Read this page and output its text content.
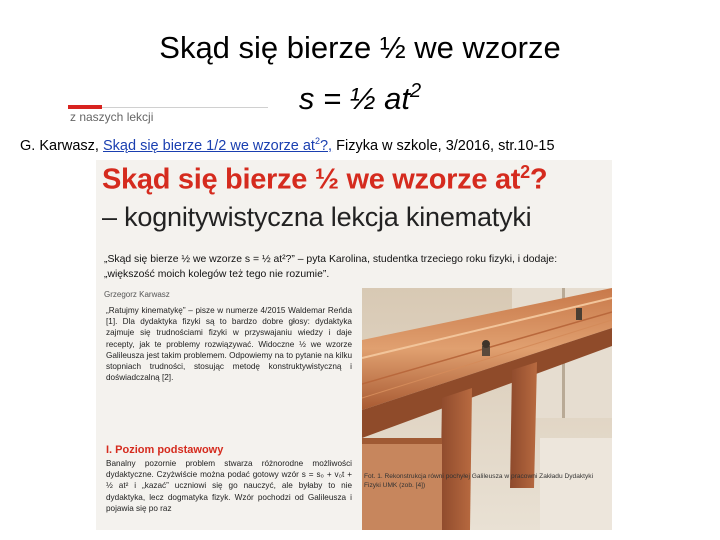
Skąd się bierze ½ we wzorze
s = ½ $at^2$
z naszych lekcji
G. Karwasz, Skąd się bierze 1/2 we wzorze $at^2$?, Fizyka w szkole, 3/2016, str.10-15
Skąd się bierze ½ we wzorze $at^2$?
– kognitywistyczna lekcja kinematyki
„Skąd się bierze ½ we wzorze s = ½ at²?” – pyta Karolina, studentka trzeciego roku fizyki, i dodaje: „większość moich kolegów też tego nie rozumie”.
Grzegorz Karwasz
„Ratujmy kinematykę” – pisze w numerze 4/2015 Waldemar Reńda [1]. Dla dydaktyka fizyki są to bardzo dobre głosy: dydaktyka zajmuje się trudnościami fizyki w przyswajaniu wiedzy i daje recepty, jak te problemy rozwiązywać. Widoczne ½ we wzorze Galileusza jest takim problemem. Odpowiemy na to pytanie na kilku stopniach trudności, stosując metodę konstruktywistyczną i doświadczalną [2].
I. Poziom podstawowy
Banalny pozornie problem stwarza różnorodne możliwości dydaktyczne. Czyżwiście można podać gotowy wzór s = s₀ + v₀t + ½ at² i „kazać” uczniowi się go nauczyć, ale byłaby to nie dydaktyka, lecz dogmatyka fizyk. Wzór pochodzi od Galileusza i pojawia się po raz
Fot. 1. Rekonstrukcja równi pochyłej Galileusza w pracowni Zakładu Dydaktyki Fizyki UMK (zob. [4])
